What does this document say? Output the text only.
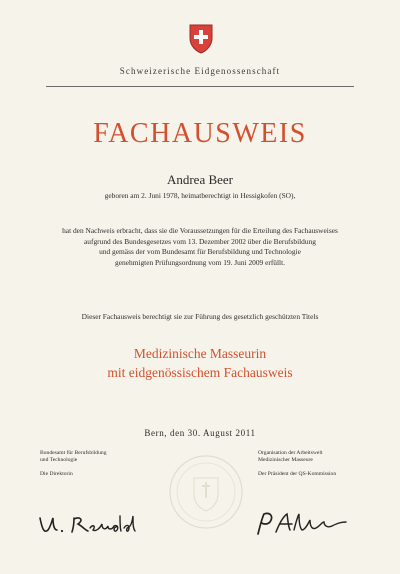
Schweizerische Eidgenossenschaft
FACHAUSWEIS
Andrea Beer
geboren am 2. Juni 1978, heimatberechtigt in Hessigkofen (SO),
hat den Nachweis erbracht, dass sie die Voraussetzungen für die Erteilung des Fachausweises
aufgrund des Bundesgesetzes vom 13. Dezember 2002 über die Berufsbildung
und gemäss der vom Bundesamt für Berufsbildung und Technologie
genehmigten Prüfungsordnung vom 19. Juni 2009 erfüllt.
Dieser Fachausweis berechtigt sie zur Führung des gesetzlich geschützten Titels
Medizinische Masseurin
mit eidgenössischem Fachausweis
Bern, den 30. August 2011
Bundesamt für Berufsbildung
und Technologie
Die Direktorin
Organisation der Arbeitswelt
Medizinischer Masseure
Der Präsident der QS-Kommission
